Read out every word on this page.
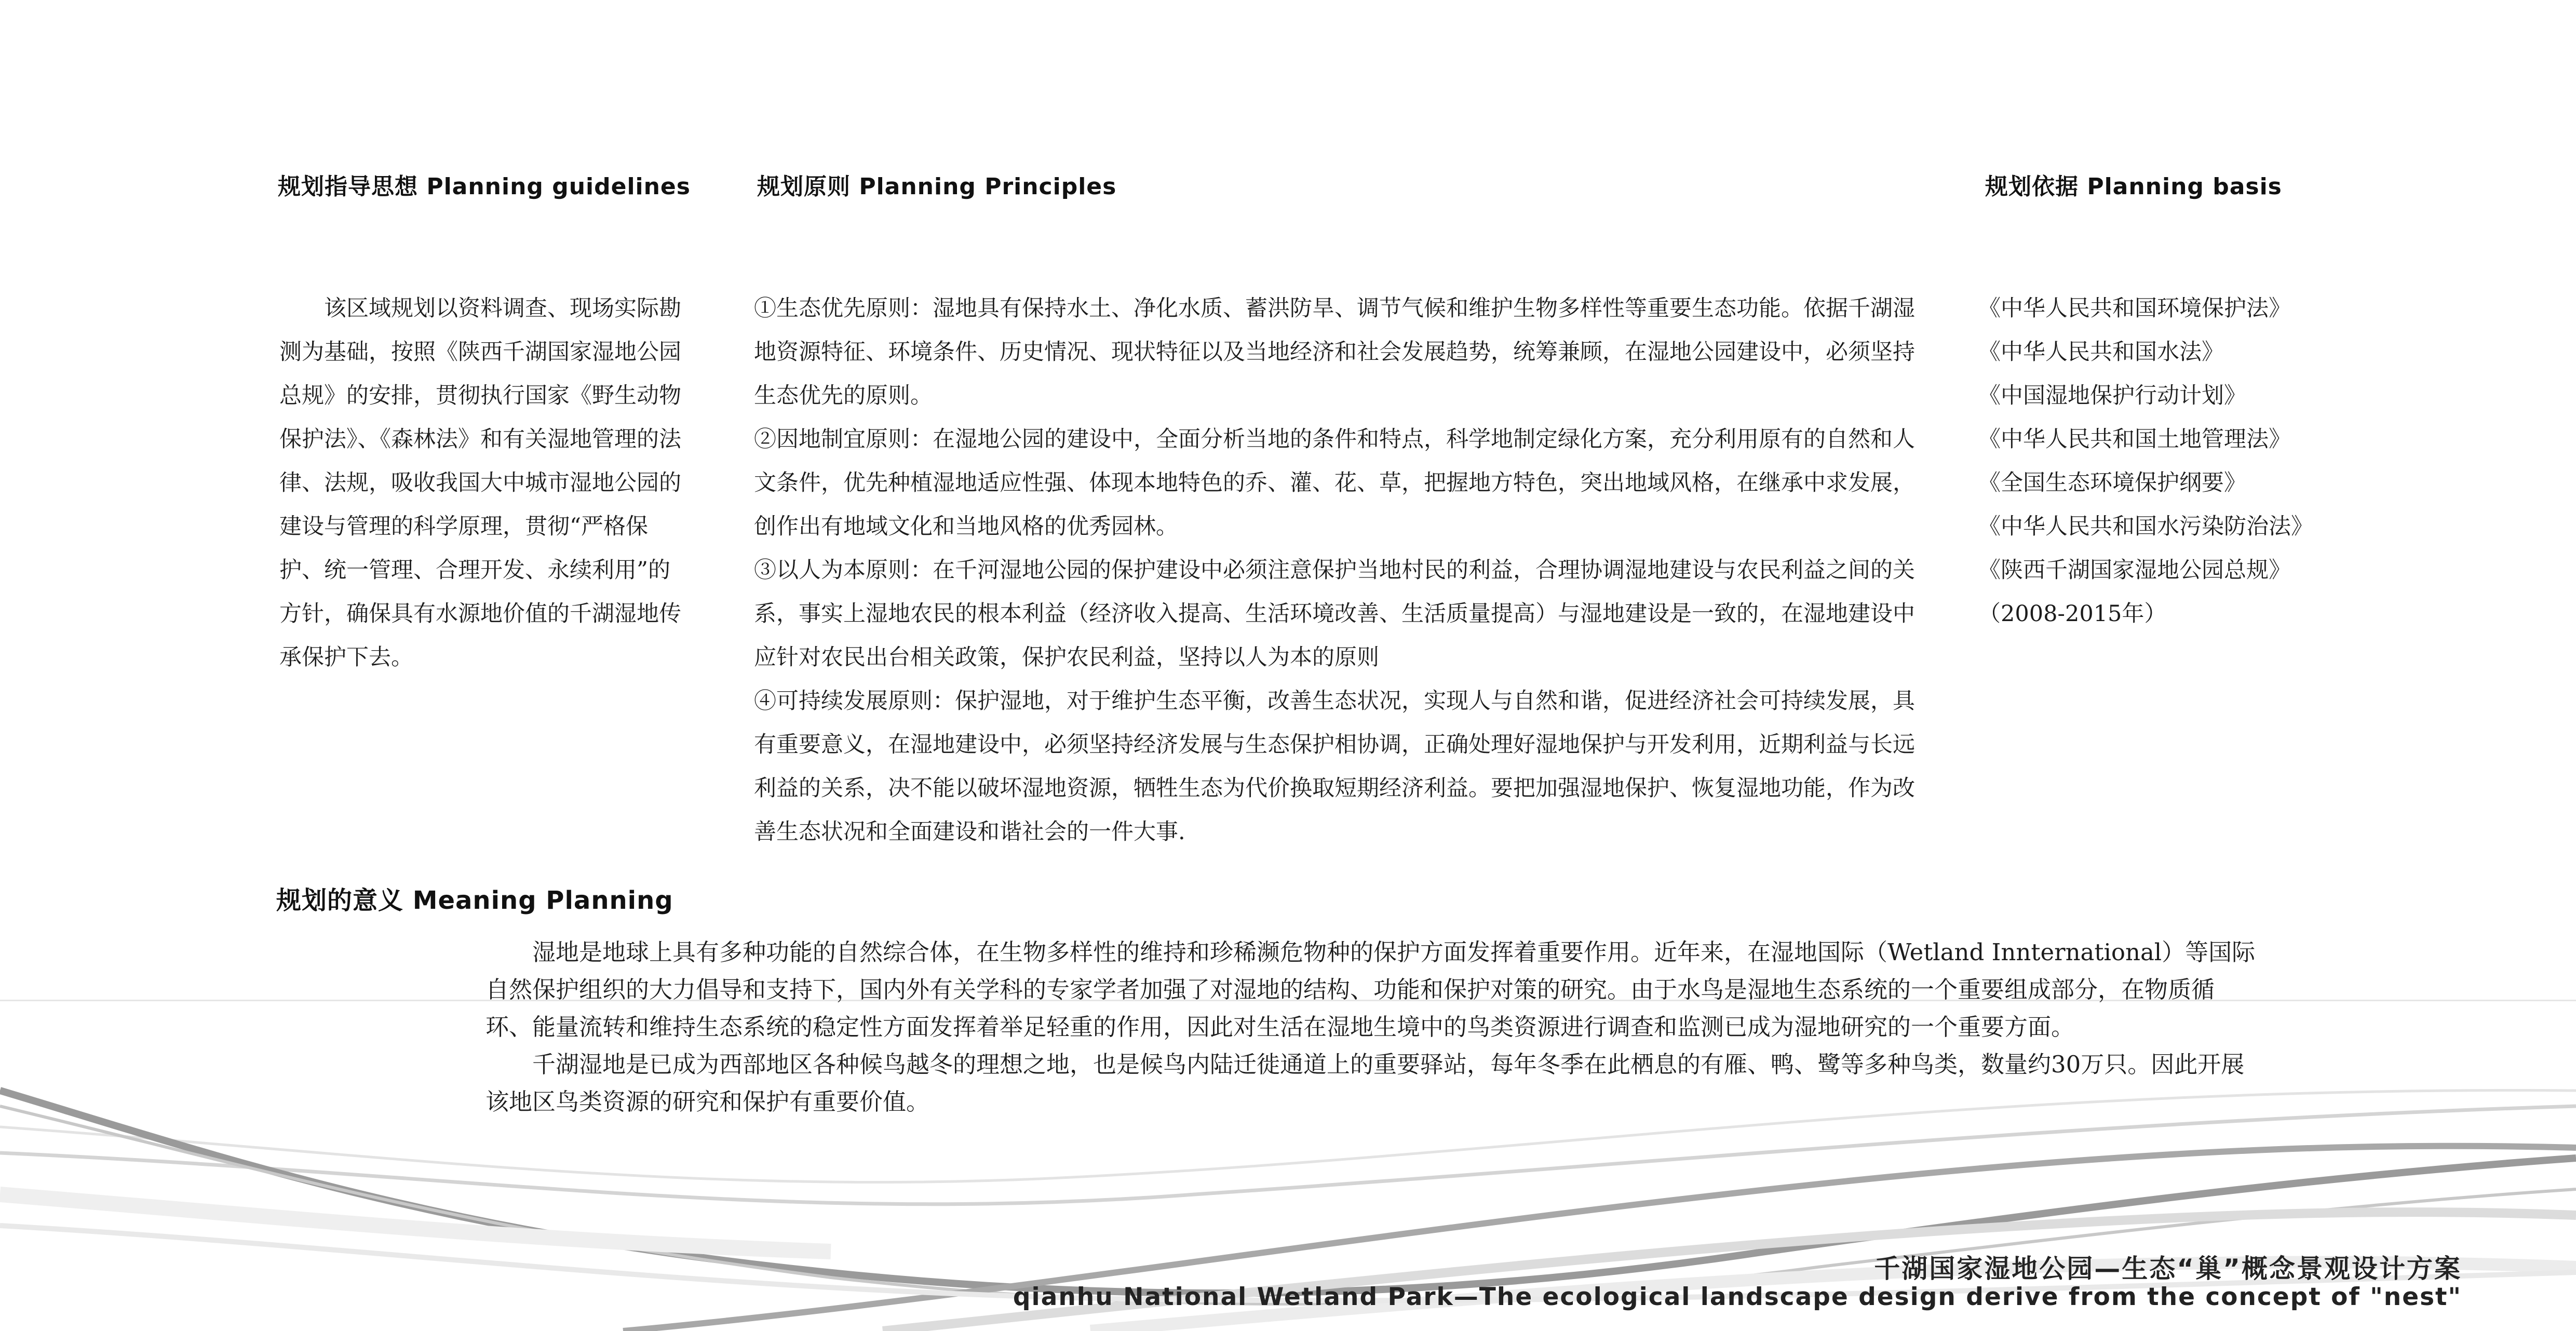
规划指导思想 Planning guidelines
该区域规划以资料调查、现场实际勘测为基础，按照《陕西千湖国家湿地公园总规》的安排，贯彻执行国家《野生动物保护法》、《森林法》和有关湿地管理的法律、法规，吸收我国大中城市湿地公园的建设与管理的科学原理，贯彻“严格保护、统一管理、合理开发、永续利用”的方针，确保具有水源地价值的千湖湿地传承保护下去。
规划原则 Planning Principles

①生态优先原则：湿地具有保持水土、净化水质、蓄洪防旱、调节气候和维护生物多样性等重要生态功能。依据千湖湿地资源特征、环境条件、历史情况、现状特征以及当地经济和社会发展趋势，统筹兼顾，在湿地公园建设中，必须坚持生态优先的原则。

②因地制宜原则：在湿地公园的建设中，全面分析当地的条件和特点，科学地制定绿化方案，充分利用原有的自然和人文条件，优先种植湿地适应性强、体现本地特色的乔、灌、花、草，把握地方特色，突出地域风格，在继承中求发展，创作出有地域文化和当地风格的优秀园林。

③以人为本原则：在千河湿地公园的保护建设中必须注意保护当地村民的利益，合理协调湿地建设与农民利益之间的关系，事实上湿地农民的根本利益（经济收入提高、生活环境改善、生活质量提高）与湿地建设是一致的，在湿地建设中应针对农民出台相关政策，保护农民利益，坚持以人为本的原则

④可持续发展原则：保护湿地，对于维护生态平衡，改善生态状况，实现人与自然和谐，促进经济社会可持续发展，具有重要意义，在湿地建设中，必须坚持经济发展与生态保护相协调，正确处理好湿地保护与开发利用，近期利益与长远利益的关系，决不能以破坏湿地资源，牺牲生态为代价换取短期经济利益。要把加强湿地保护、恢复湿地功能，作为改善生态状况和全面建设和谐社会的一件大事.

规划依据 Planning basis
《中华人民共和国环境保护法》
《中华人民共和国水法》
《中国湿地保护行动计划》
《中华人民共和国土地管理法》
《全国生态环境保护纲要》
《中华人民共和国水污染防治法》
《陕西千湖国家湿地公园总规》
（2008-2015年）
规划的意义 Meaning Planning

湿地是地球上具有多种功能的自然综合体，在生物多样性的维持和珍稀濒危物种的保护方面发挥着重要作用。近年来，在湿地国际（Wetland Innternational）等国际自然保护组织的大力倡导和支持下，国内外有关学科的专家学者加强了对湿地的结构、功能和保护对策的研究。由于水鸟是湿地生态系统的一个重要组成部分，在物质循环、能量流转和维持生态系统的稳定性方面发挥着举足轻重的作用，因此对生活在湿地生境中的鸟类资源进行调查和监测已成为湿地研究的一个重要方面。

千湖湿地是已成为西部地区各种候鸟越冬的理想之地，也是候鸟内陆迁徙通道上的重要驿站，每年冬季在此栖息的有雁、鸭、鹭等多种鸟类，数量约30万只。因此开展该地区鸟类资源的研究和保护有重要价值。

千湖国家湿地公园—生态“巢”概念景观设计方案
qianhu National Wetland Park—The ecological landscape design derive from the concept of "nest"
